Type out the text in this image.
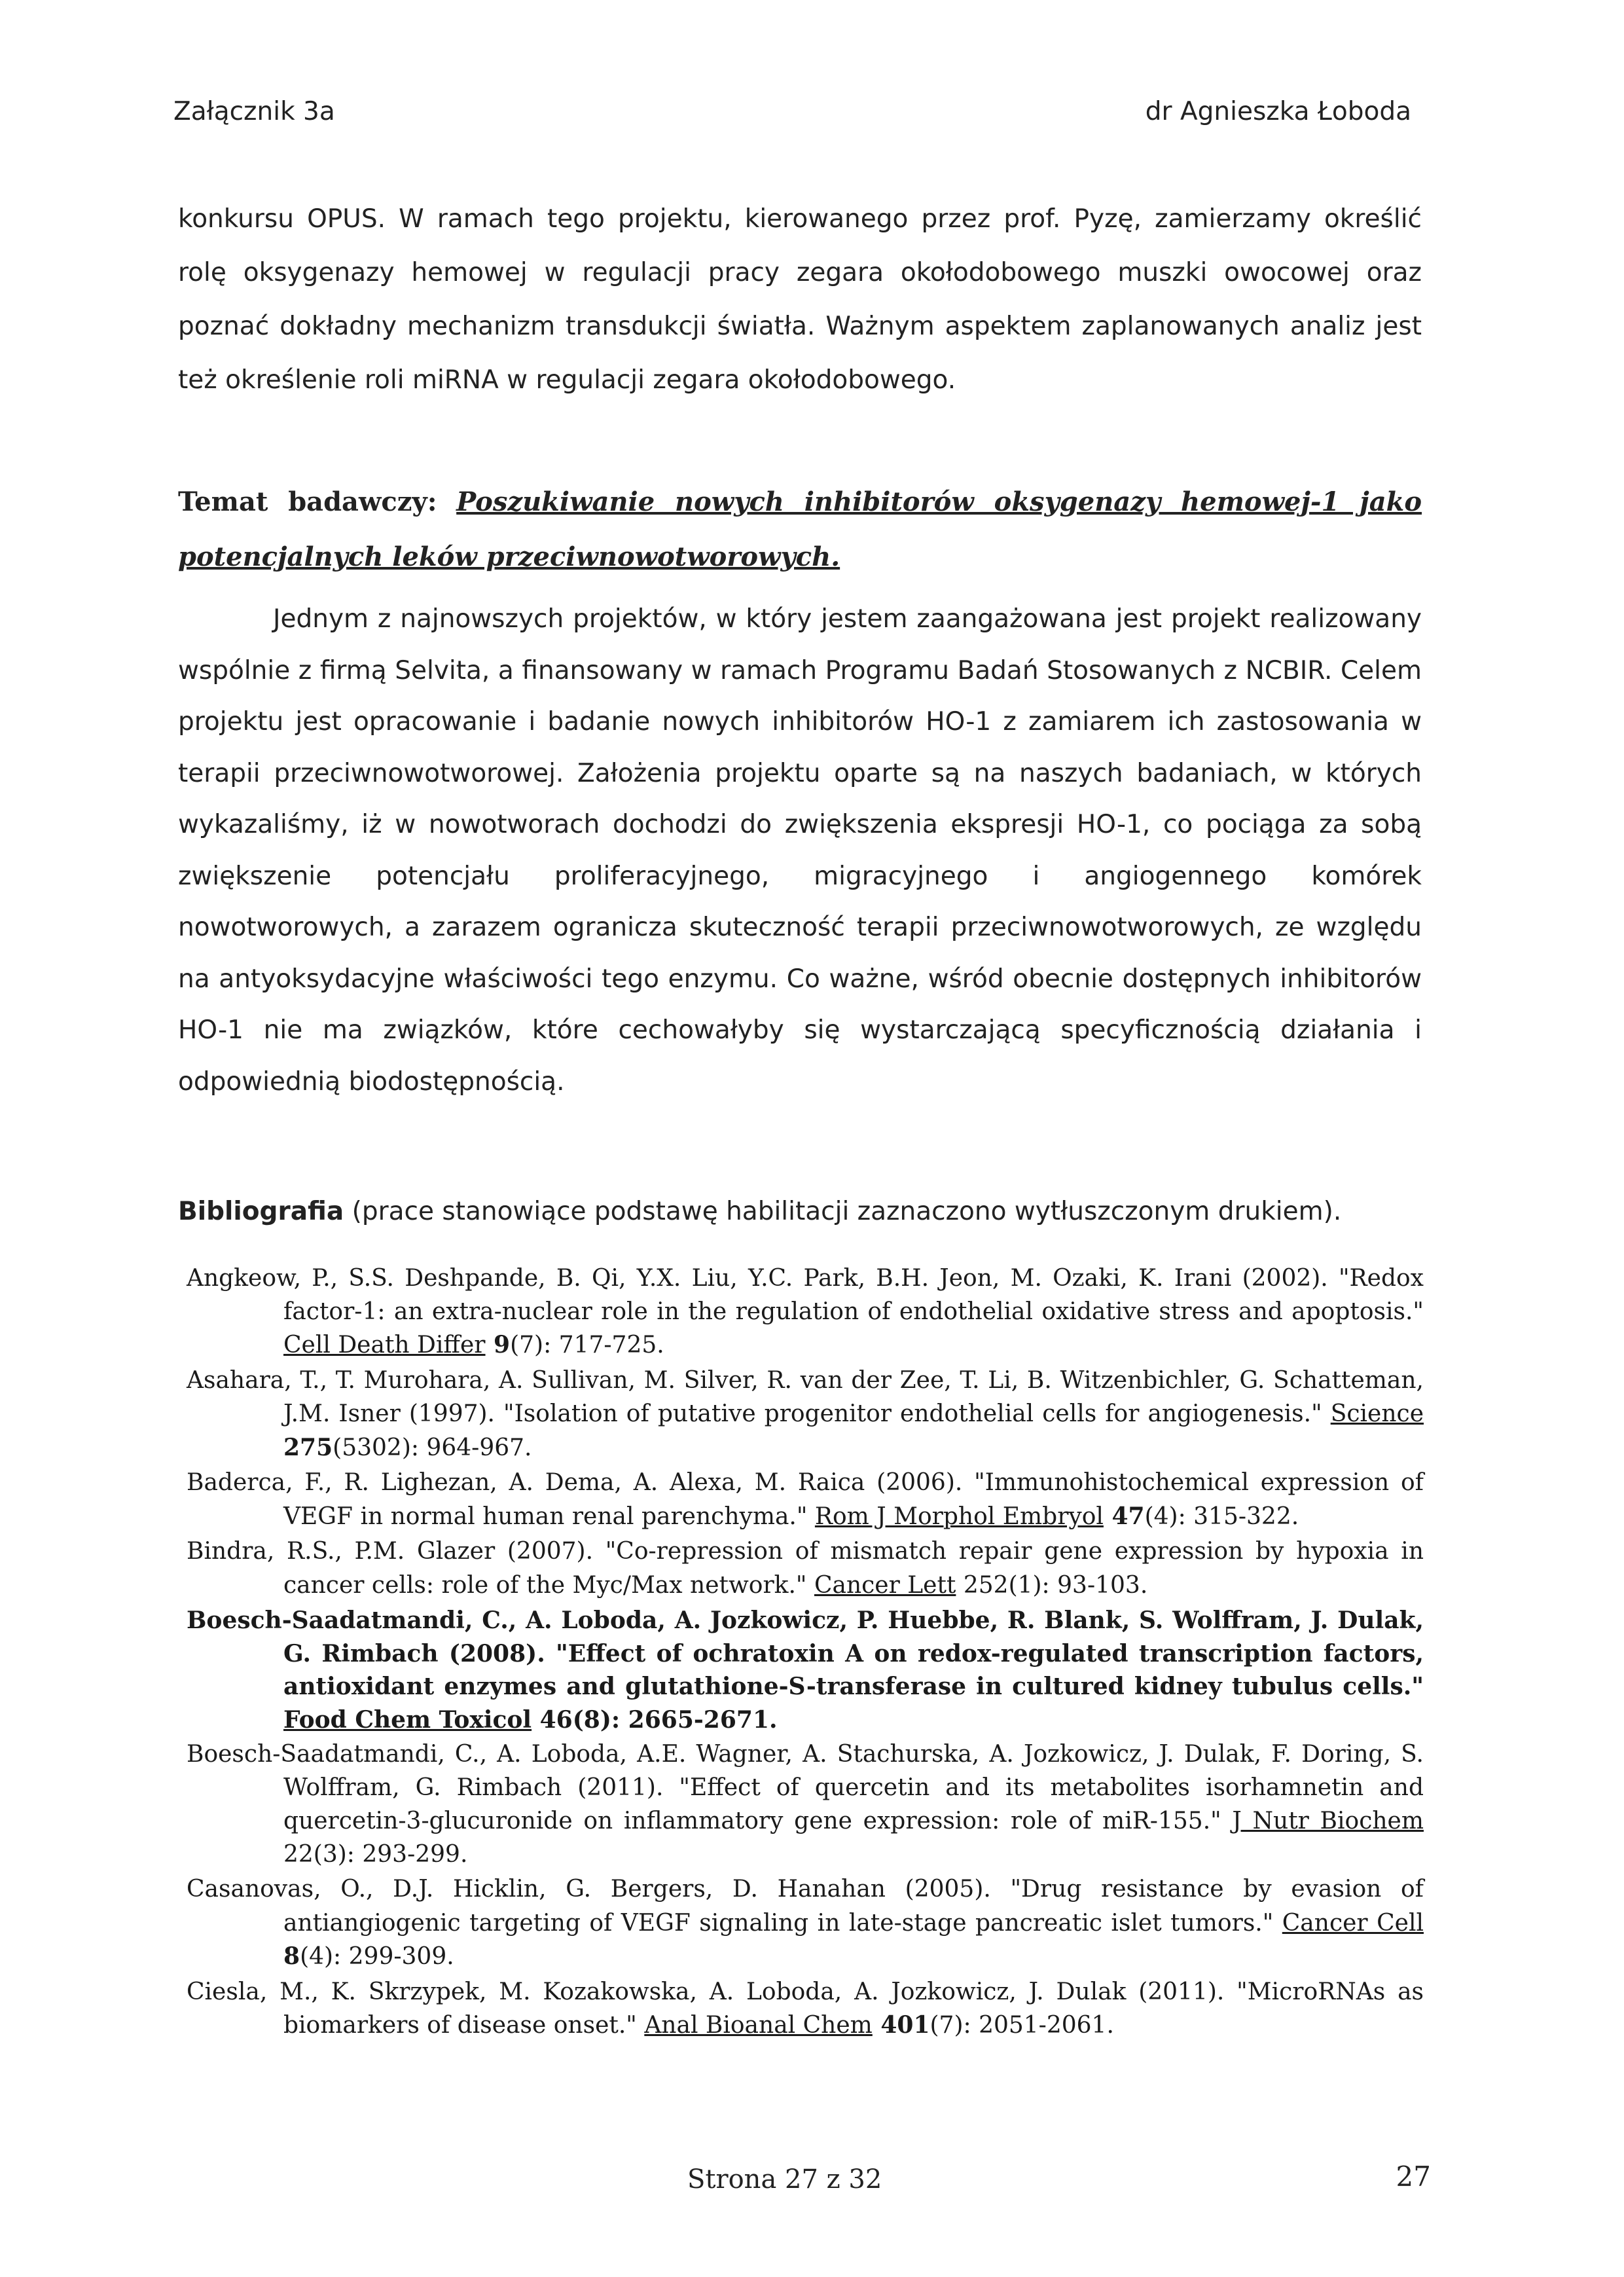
Załącznik 3a	dr Agnieszka Łoboda
konkursu OPUS. W ramach tego projektu, kierowanego przez prof. Pyzę, zamierzamy określić rolę oksygenazy hemowej w regulacji pracy zegara okołodobowego muszki owocowej oraz poznać dokładny mechanizm transdukcji światła. Ważnym aspektem zaplanowanych analiz jest też określenie roli miRNA w regulacji zegara okołodobowego.
Temat badawczy: Poszukiwanie nowych inhibitorów oksygenazy hemowej-1 jako potencjalnych leków przeciwnowotworowych.
Jednym z najnowszych projektów, w który jestem zaangażowana jest projekt realizowany wspólnie z firmą Selvita, a finansowany w ramach Programu Badań Stosowanych z NCBIR. Celem projektu jest opracowanie i badanie nowych inhibitorów HO-1 z zamiarem ich zastosowania w terapii przeciwnowotworowej. Założenia projektu oparte są na naszych badaniach, w których wykazaliśmy, iż w nowotworach dochodzi do zwiększenia ekspresji HO-1, co pociąga za sobą zwiększenie potencjału proliferacyjnego, migracyjnego i angiogennego komórek nowotworowych, a zarazem ogranicza skuteczność terapii przeciwnowotworowych, ze względu na antyoksydacyjne właściwości tego enzymu. Co ważne, wśród obecnie dostępnych inhibitorów HO-1 nie ma związków, które cechowałyby się wystarczającą specyficznością działania i odpowiednią biodostępnością.
Bibliografia (prace stanowiące podstawę habilitacji zaznaczono wytłuszczonym drukiem).
Angkeow, P., S.S. Deshpande, B. Qi, Y.X. Liu, Y.C. Park, B.H. Jeon, M. Ozaki, K. Irani (2002). "Redox factor-1: an extra-nuclear role in the regulation of endothelial oxidative stress and apoptosis." Cell Death Differ 9(7): 717-725.
Asahara, T., T. Murohara, A. Sullivan, M. Silver, R. van der Zee, T. Li, B. Witzenbichler, G. Schatteman, J.M. Isner (1997). "Isolation of putative progenitor endothelial cells for angiogenesis." Science 275(5302): 964-967.
Baderca, F., R. Lighezan, A. Dema, A. Alexa, M. Raica (2006). "Immunohistochemical expression of VEGF in normal human renal parenchyma." Rom J Morphol Embryol 47(4): 315-322.
Bindra, R.S., P.M. Glazer (2007). "Co-repression of mismatch repair gene expression by hypoxia in cancer cells: role of the Myc/Max network." Cancer Lett 252(1): 93-103.
Boesch-Saadatmandi, C., A. Loboda, A. Jozkowicz, P. Huebbe, R. Blank, S. Wolffram, J. Dulak, G. Rimbach (2008). "Effect of ochratoxin A on redox-regulated transcription factors, antioxidant enzymes and glutathione-S-transferase in cultured kidney tubulus cells." Food Chem Toxicol 46(8): 2665-2671.
Boesch-Saadatmandi, C., A. Loboda, A.E. Wagner, A. Stachurska, A. Jozkowicz, J. Dulak, F. Doring, S. Wolffram, G. Rimbach (2011). "Effect of quercetin and its metabolites isorhamnetin and quercetin-3-glucuronide on inflammatory gene expression: role of miR-155." J Nutr Biochem 22(3): 293-299.
Casanovas, O., D.J. Hicklin, G. Bergers, D. Hanahan (2005). "Drug resistance by evasion of antiangiogenic targeting of VEGF signaling in late-stage pancreatic islet tumors." Cancer Cell 8(4): 299-309.
Ciesla, M., K. Skrzypek, M. Kozakowska, A. Loboda, A. Jozkowicz, J. Dulak (2011). "MicroRNAs as biomarkers of disease onset." Anal Bioanal Chem 401(7): 2051-2061.
Strona 27 z 32	27
